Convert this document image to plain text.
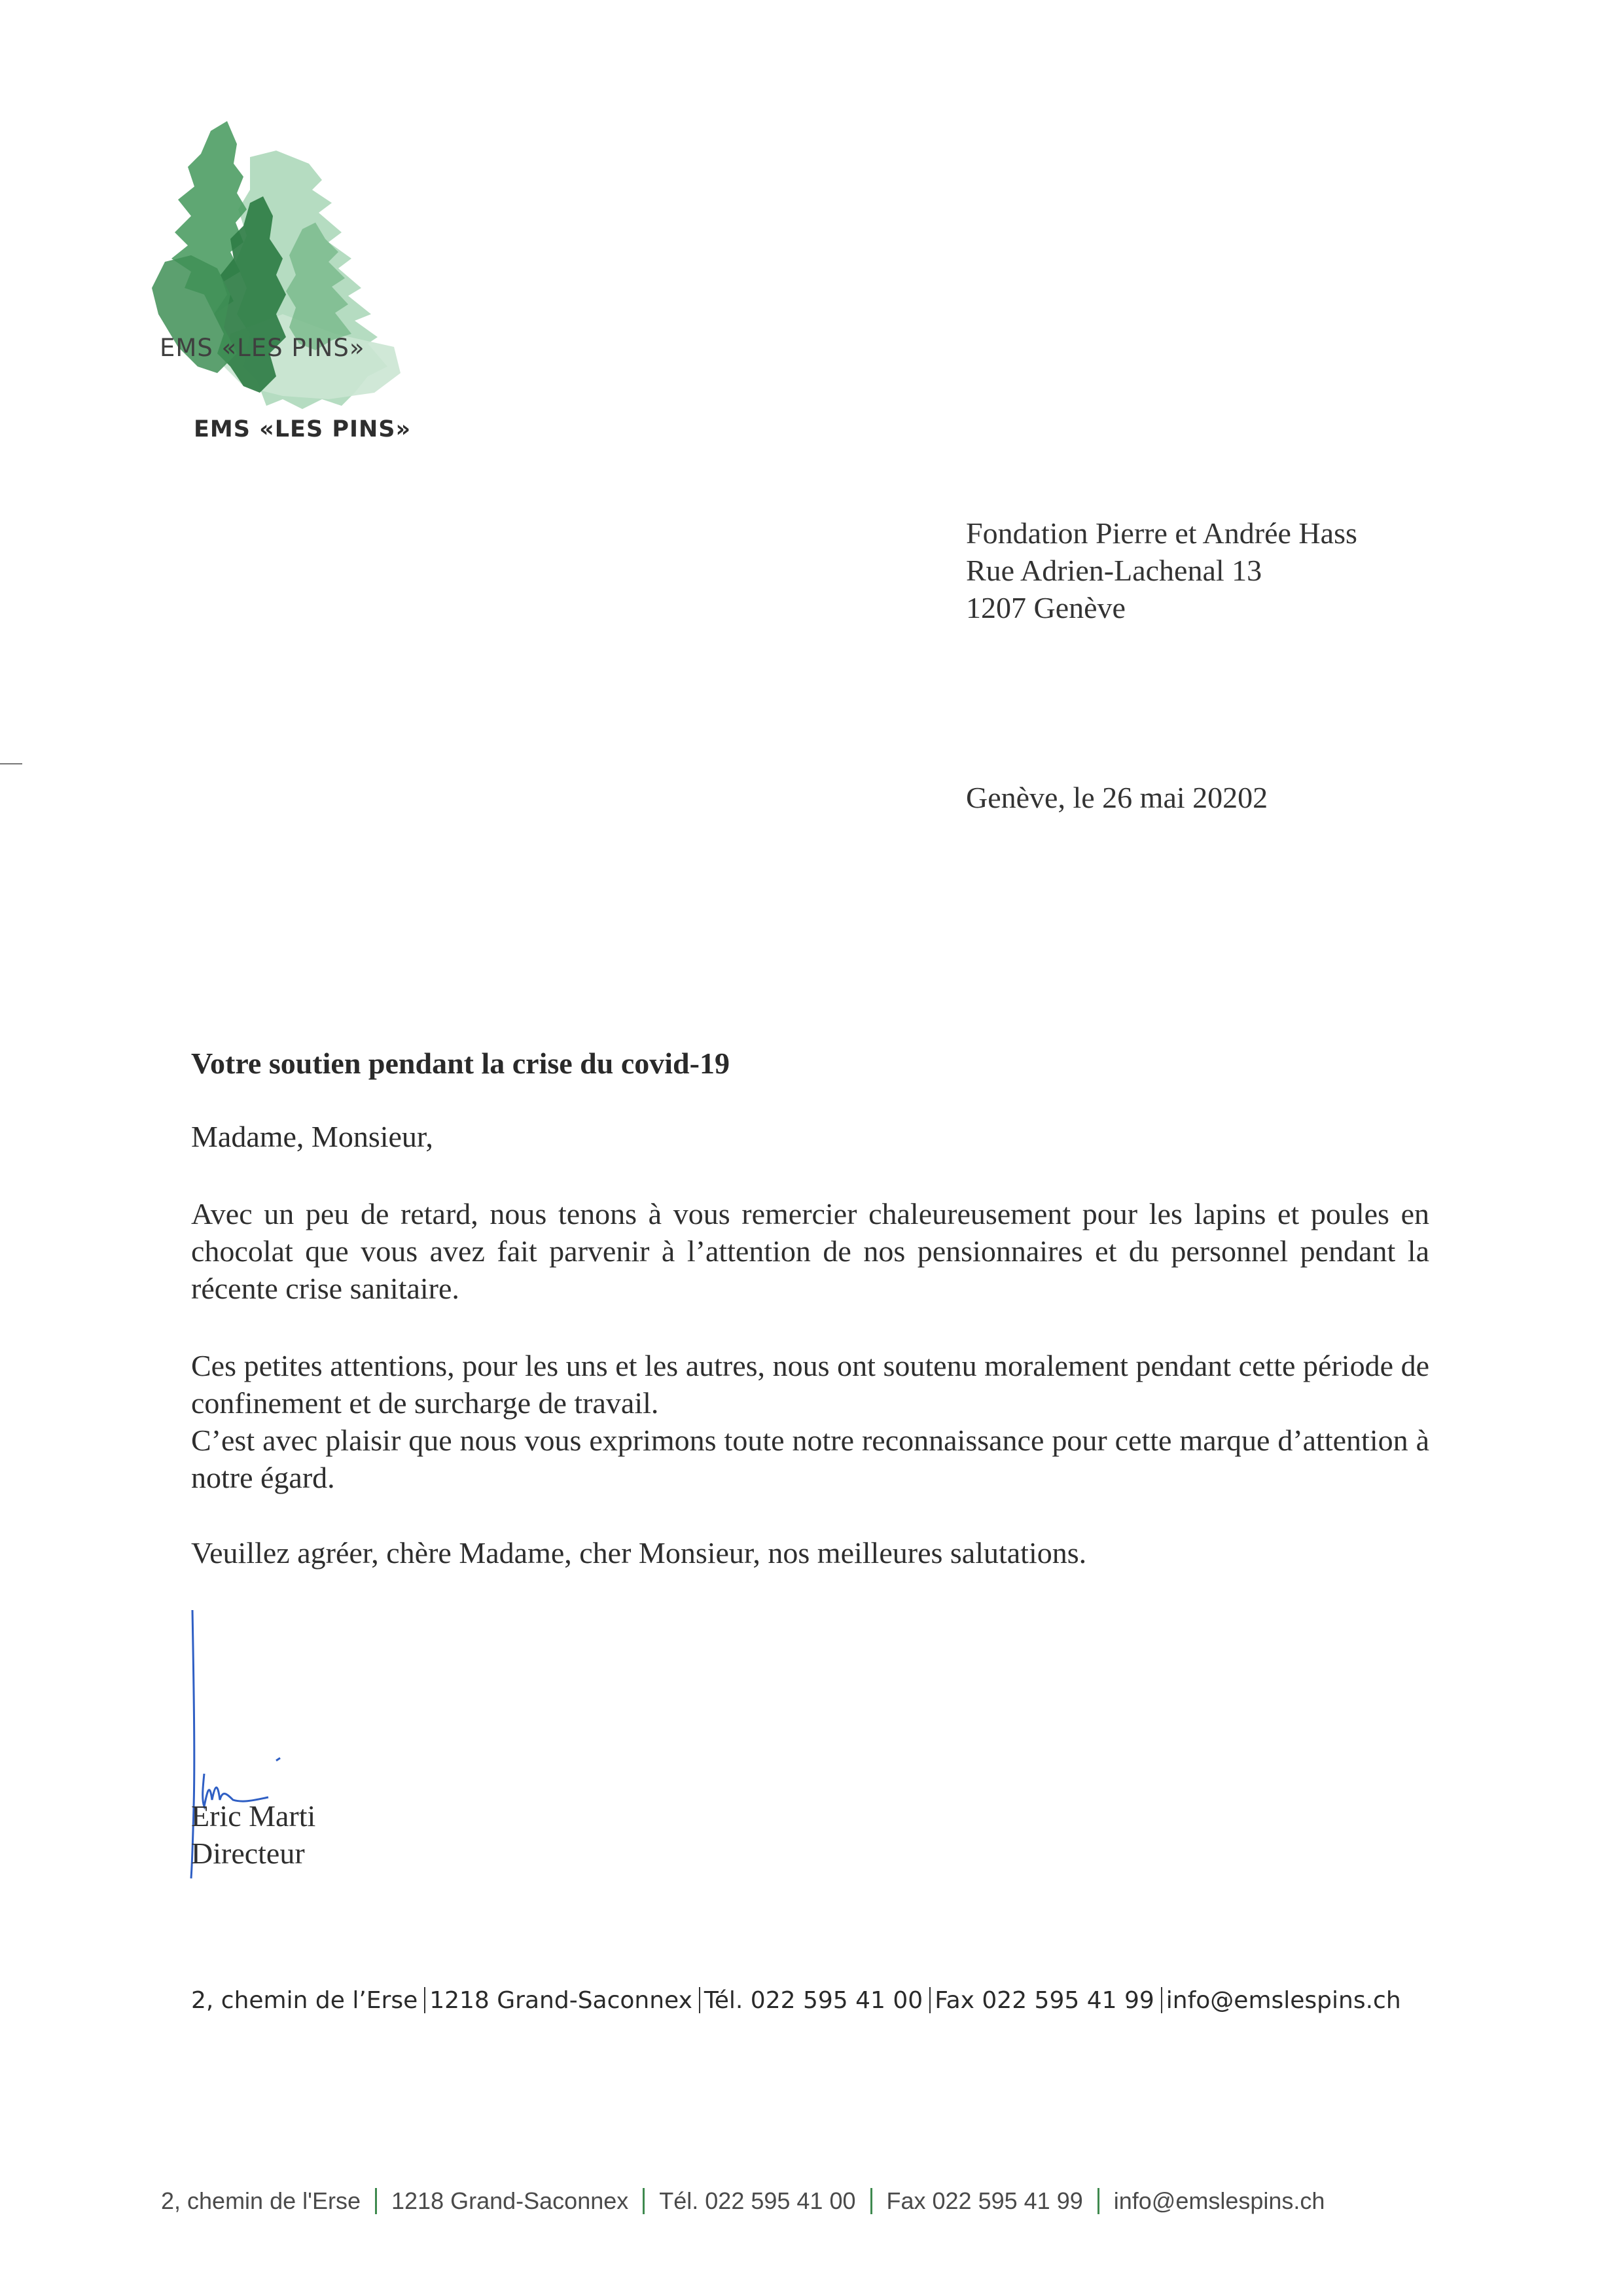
EMS «LES PINS»
EMS «LES PINS»
Fondation Pierre et Andrée Hass
Rue Adrien-Lachenal 13
1207 Genève
Genève, le 26 mai 20202
Votre soutien pendant la crise du covid-19
Madame, Monsieur,
Avec un peu de retard, nous tenons à vous remercier chaleureusement pour les lapins et poules en chocolat que vous avez fait parvenir à l’attention de nos pensionnaires et du personnel pendant la récente crise sanitaire.
Ces petites attentions, pour les uns et les autres, nous ont soutenu moralement pendant cette période de confinement et de surcharge de travail.
C’est avec plaisir que nous vous exprimons toute notre reconnaissance pour cette marque d’attention à notre égard.
Veuillez agréer, chère Madame, cher Monsieur, nos meilleures salutations.
Eric Marti
Directeur
2, chemin de l’Erse 1218 Grand-Saconnex Tél. 022 595 41 00 Fax 022 595 41 99 info@emslespins.ch
2, chemin de l'Erse 1218 Grand-Saconnex Tél. 022 595 41 00 Fax 022 595 41 99 info@emslespins.ch
